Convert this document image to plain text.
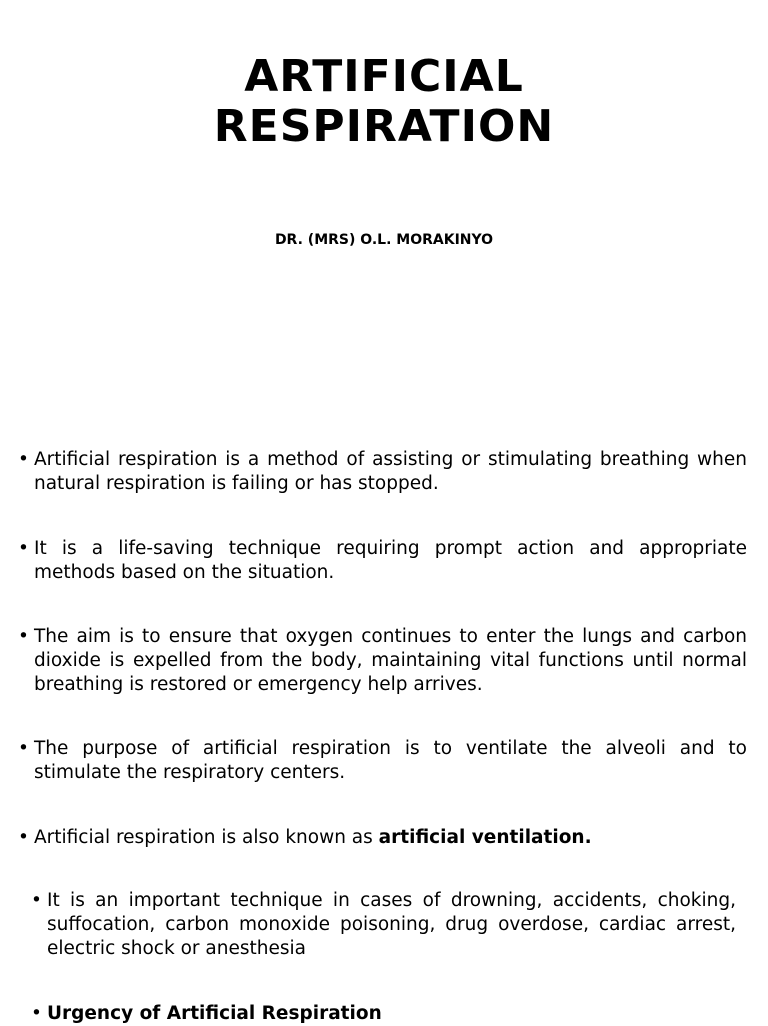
ARTIFICIAL
RESPIRATION
DR. (MRS) O.L. MORAKINYO
• Artificial respiration is a method of assisting or stimulating breathing when natural respiration is failing or has stopped.
• It is a life-saving technique requiring prompt action and appropriate methods based on the situation.
• The aim is to ensure that oxygen continues to enter the lungs and carbon dioxide is expelled from the body, maintaining vital functions until normal breathing is restored or emergency help arrives.
• The purpose of artificial respiration is to ventilate the alveoli and to stimulate the respiratory centers.
• Artificial respiration is also known as artificial ventilation.
• It is an important technique in cases of drowning, accidents, choking, suffocation, carbon monoxide poisoning, drug overdose, cardiac arrest, electric shock or anesthesia
• Urgency of Artificial Respiration
